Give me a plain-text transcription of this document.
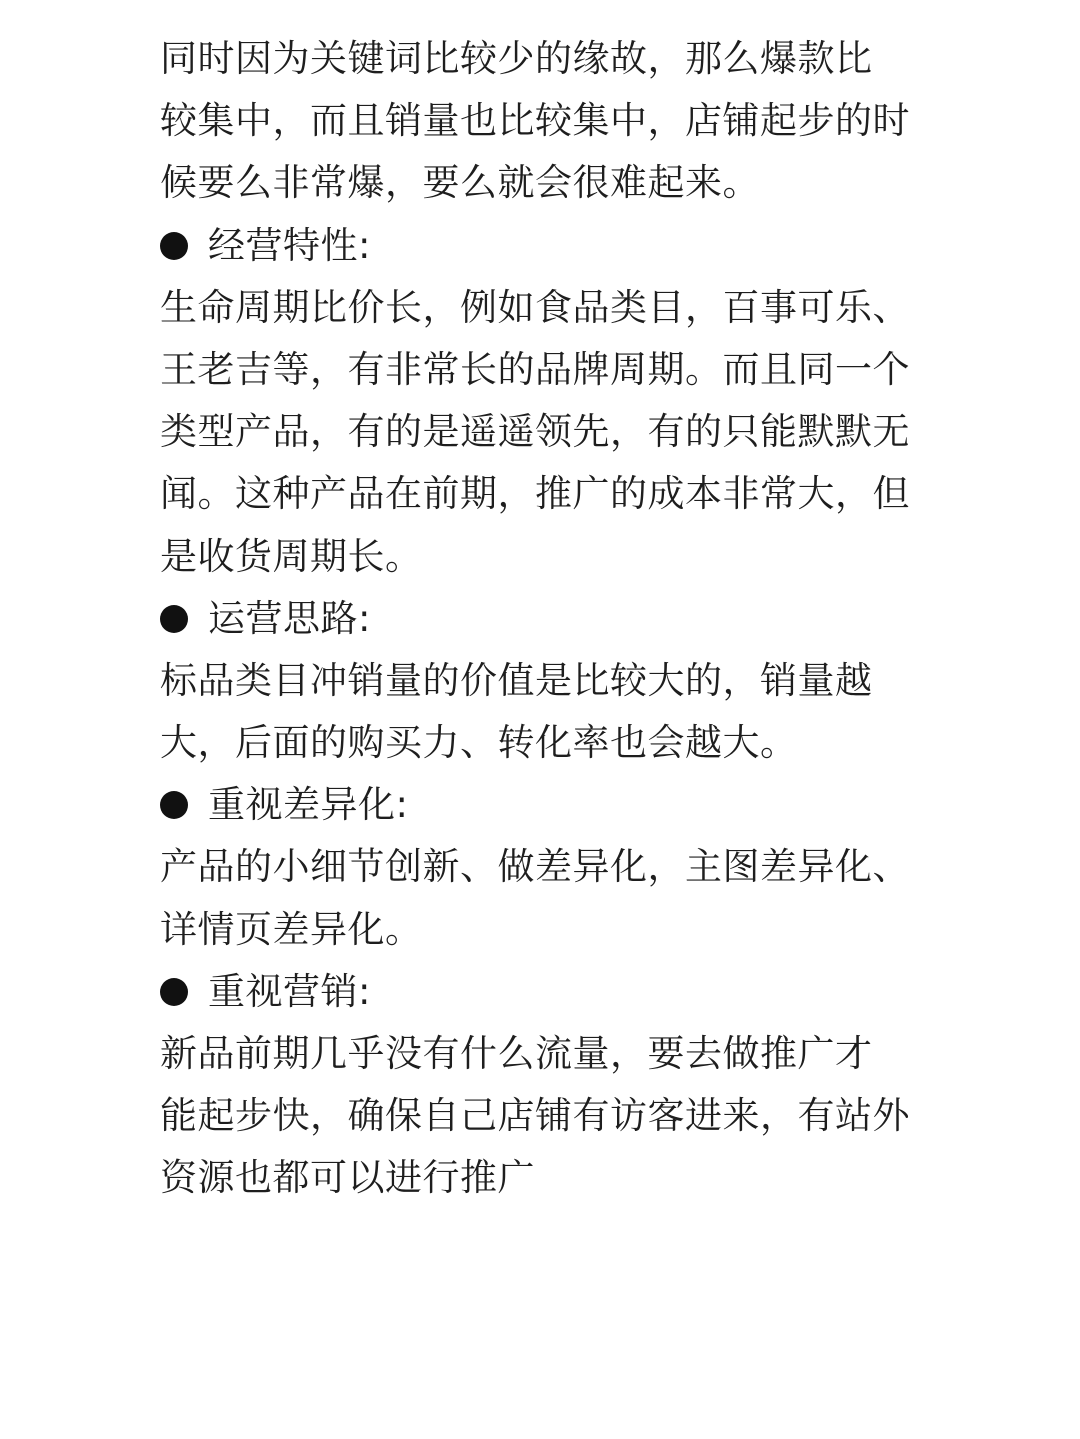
同时因为关键词比较少的缘故，那么爆款比
较集中，而且销量也比较集中，店铺起步的时
候要么非常爆，要么就会很难起来。
经营特性:
生命周期比价长，例如食品类目，百事可乐、
王老吉等，有非常长的品牌周期。而且同一个
类型产品，有的是遥遥领先，有的只能默默无
闻。这种产品在前期，推广的成本非常大，但
是收货周期长。
运营思路:
标品类目冲销量的价值是比较大的，销量越
大，后面的购买力、转化率也会越大。
重视差异化:
产品的小细节创新、做差异化，主图差异化、
详情页差异化。
重视营销:
新品前期几乎没有什么流量，要去做推广才
能起步快，确保自己店铺有访客进来，有站外
资源也都可以进行推广
